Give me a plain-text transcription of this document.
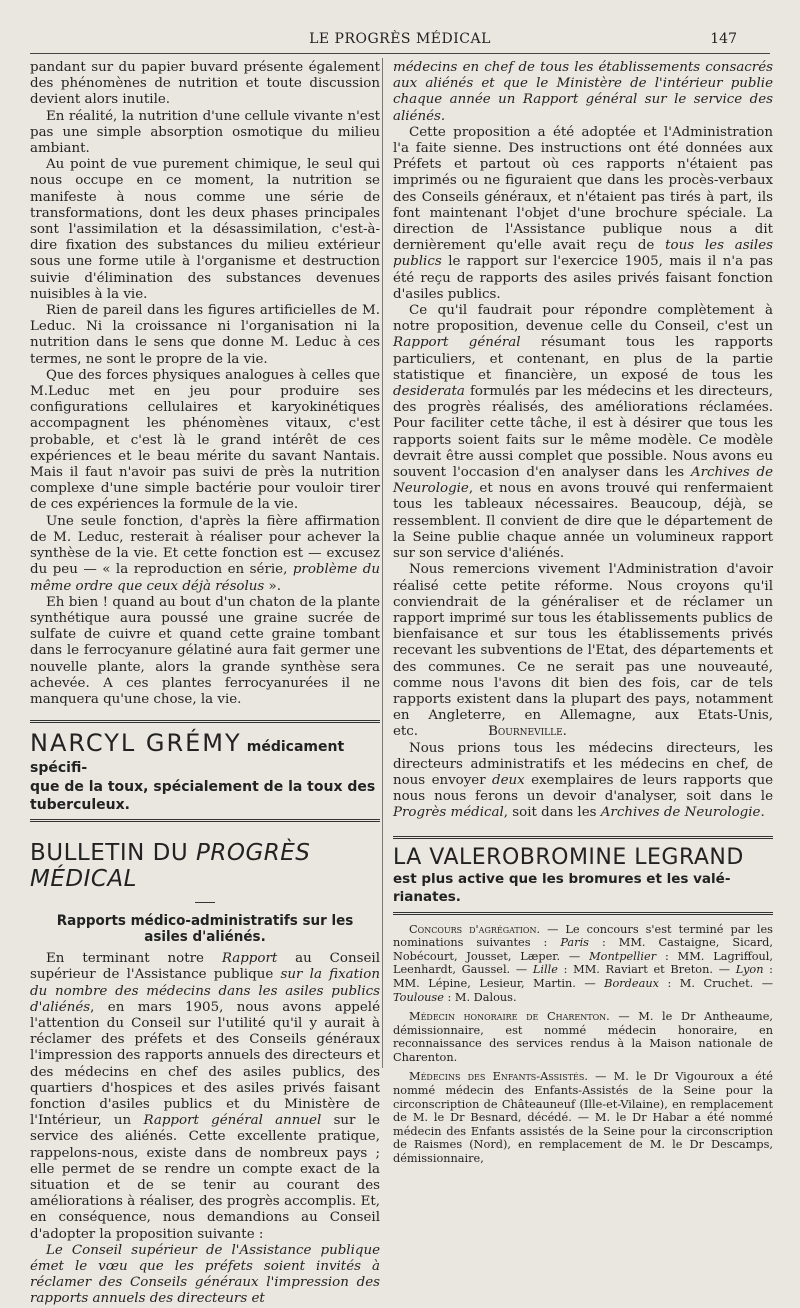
LE PROGRÈS MÉDICAL	147

pandant sur du papier buvard présente également des phénomènes de nutrition et toute discussion devient alors inutile.

En réalité, la nutrition d'une cellule vivante n'est pas une simple absorption osmotique du milieu ambiant.

Au point de vue purement chimique, le seul qui nous occupe en ce moment, la nutrition se manifeste à nous comme une série de transformations, dont les deux phases principales sont l'assimilation et la désassimilation, c'est-à-dire fixation des substances du milieu extérieur sous une forme utile à l'organisme et destruction suivie d'élimination des substances devenues nuisibles à la vie.

Rien de pareil dans les figures artificielles de M. Leduc. Ni la croissance ni l'organisation ni la nutrition dans le sens que donne M. Leduc à ces termes, ne sont le propre de la vie.

Que des forces physiques analogues à celles que M.Leduc met en jeu pour produire ses configurations cellulaires et karyokinétiques accompagnent les phénomènes vitaux, c'est probable, et c'est là le grand intérêt de ces expériences et le beau mérite du savant Nantais. Mais il faut n'avoir pas suivi de près la nutrition complexe d'une simple bactérie pour vouloir tirer de ces expériences la formule de la vie.

Une seule fonction, d'après la fière affirmation de M. Leduc, resterait à réaliser pour achever la synthèse de la vie. Et cette fonction est — excusez du peu — « la reproduction en série, problème du même ordre que ceux déjà résolus ».

Eh bien ! quand au bout d'un chaton de la plante synthétique aura poussé une graine sucrée de sulfate de cuivre et quand cette graine tombant dans le ferrocyanure gélatiné aura fait germer une nouvelle plante, alors la grande synthèse sera achevée. A ces plantes ferrocyanurées il ne manquera qu'une chose, la vie.

NARCYL GRÉMY médicament spécifi-
que de la toux, spécialement de la toux des
tuberculeux.
BULLETIN DU PROGRÈS MÉDICAL
Rapports médico-administratifs sur les asiles d'aliénés.

En terminant notre Rapport au Conseil supérieur de l'Assistance publique sur la fixation du nombre des médecins dans les asiles publics d'aliénés, en mars 1905, nous avons appelé l'attention du Conseil sur l'utilité qu'il y aurait à réclamer des préfets et des Conseils généraux l'impression des rapports annuels des directeurs et des médecins en chef des asiles publics, des quartiers d'hospices et des asiles privés faisant fonction d'asiles publics et du Ministère de l'Intérieur, un Rapport général annuel sur le service des aliénés. Cette excellente pratique, rappelons-nous, existe dans de nombreux pays ; elle permet de se rendre un compte exact de la situation et de se tenir au courant des améliorations à réaliser, des progrès accomplis. Et, en conséquence, nous demandions au Conseil d'adopter la proposition suivante :

Le Conseil supérieur de l'Assistance publique émet le vœu que les préfets soient invités à réclamer des Conseils généraux l'impression des rapports annuels des directeurs et

médecins en chef de tous les établissements consacrés aux aliénés et que le Ministère de l'intérieur publie chaque année un Rapport général sur le service des aliénés.

Cette proposition a été adoptée et l'Administration l'a faite sienne. Des instructions ont été données aux Préfets et partout où ces rapports n'étaient pas imprimés ou ne figuraient que dans les procès-verbaux des Conseils généraux, et n'étaient pas tirés à part, ils font maintenant l'objet d'une brochure spéciale. La direction de l'Assistance publique nous a dit dernièrement qu'elle avait reçu de tous les asiles publics le rapport sur l'exercice 1905, mais il n'a pas été reçu de rapports des asiles privés faisant fonction d'asiles publics.

Ce qu'il faudrait pour répondre complètement à notre proposition, devenue celle du Conseil, c'est un Rapport général résumant tous les rapports particuliers, et contenant, en plus de la partie statistique et financière, un exposé de tous les desiderata formulés par les médecins et les directeurs, des progrès réalisés, des améliorations réclamées. Pour faciliter cette tâche, il est à désirer que tous les rapports soient faits sur le même modèle. Ce modèle devrait être aussi complet que possible. Nous avons eu souvent l'occasion d'en analyser dans les Archives de Neurologie, et nous en avons trouvé qui renfermaient tous les tableaux nécessaires. Beaucoup, déjà, se ressemblent. Il convient de dire que le département de la Seine publie chaque année un volumineux rapport sur son service d'aliénés.

Nous remercions vivement l'Administration d'avoir réalisé cette petite réforme. Nous croyons qu'il conviendrait de la généraliser et de réclamer un rapport imprimé sur tous les établissements publics de bienfaisance et sur tous les établissements privés recevant les subventions de l'Etat, des départements et des communes. Ce ne serait pas une nouveauté, comme nous l'avons dit bien des fois, car de tels rapports existent dans la plupart des pays, notamment en Angleterre, en Allemagne, aux Etats-Unis, etc.	Bourneville.

Nous prions tous les médecins directeurs, les directeurs administratifs et les médecins en chef, de nous envoyer deux exemplaires de leurs rapports que nous nous ferons un devoir d'analyser, soit dans le Progrès médical, soit dans les Archives de Neurologie.

LA VALEROBROMINE LEGRAND
est plus active que les bromures et les valé-
rianates.

Concours d'agrégation. — Le concours s'est terminé par les nominations suivantes : Paris : MM. Castaigne, Sicard, Nobécourt, Jousset, Læper. — Montpellier : MM. Lagriffoul, Leenhardt, Gaussel. — Lille : MM. Raviart et Breton. — Lyon : MM. Lépine, Lesieur, Martin. — Bordeaux : M. Cruchet. — Toulouse : M. Dalous.

Médecin honoraire de Charenton. — M. le Dr Antheaume, démissionnaire, est nommé médecin honoraire, en reconnaissance des services rendus à la Maison nationale de Charenton.

Médecins des Enfants-Assistés. — M. le Dr Vigouroux a été nommé médecin des Enfants-Assistés de la Seine pour la circonscription de Châteauneuf (Ille-et-Vilaine), en remplacement de M. le Dr Besnard, décédé. — M. le Dr Habar a été nommé médecin des Enfants assistés de la Seine pour la circonscription de Raismes (Nord), en remplacement de M. le Dr Descamps, démissionnaire,
